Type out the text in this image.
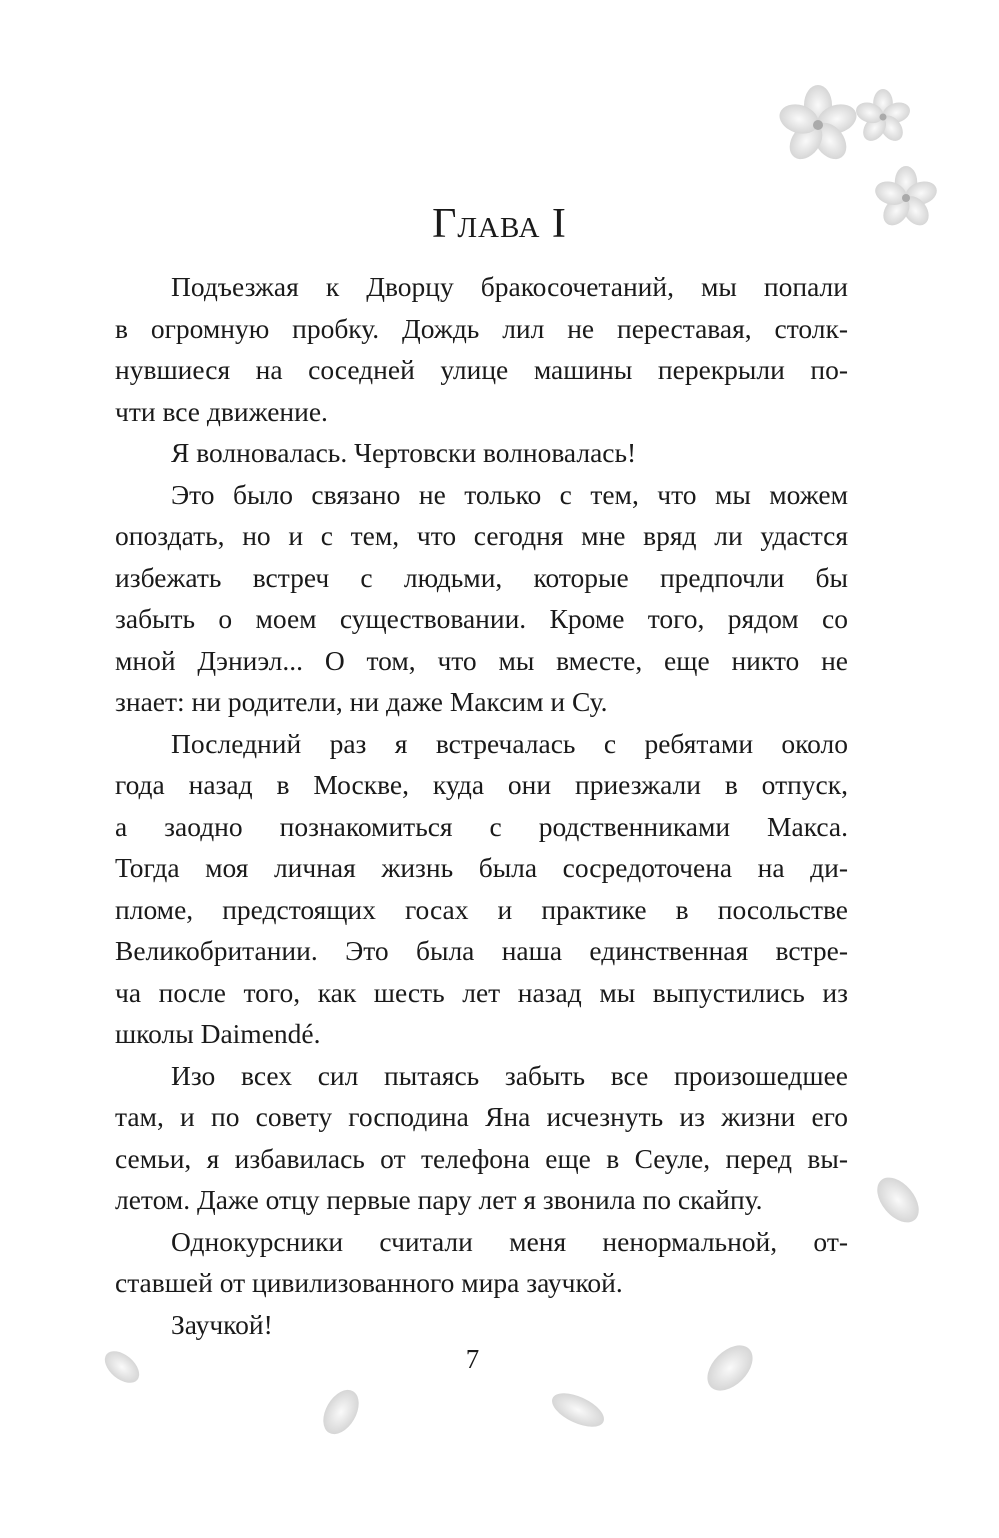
Глава I
Подъезжая к Дворцу бракосочетаний, мы попали
в огромную пробку. Дождь лил не переставая, столк-
нувшиеся на соседней улице машины перекрыли по-
чти все движение.
Я волновалась. Чертовски волновалась!
Это было связано не только с тем, что мы можем
опоздать, но и с тем, что сегодня мне вряд ли удастся
избежать встреч с людьми, которые предпочли бы
забыть о моем существовании. Кроме того, рядом со
мной Дэниэл... О том, что мы вместе, еще никто не
знает: ни родители, ни даже Максим и Су.
Последний раз я встречалась с ребятами около
года назад в Москве, куда они приезжали в отпуск,
а заодно познакомиться с родственниками Макса.
Тогда моя личная жизнь была сосредоточена на ди-
пломе, предстоящих госах и практике в посольстве
Великобритании. Это была наша единственная встре-
ча после того, как шесть лет назад мы выпустились из
школы Daimendé.
Изо всех сил пытаясь забыть все произошедшее
там, и по совету господина Яна исчезнуть из жизни его
семьи, я избавилась от телефона еще в Сеуле, перед вы-
летом. Даже отцу первые пару лет я звонила по скайпу.
Однокурсники считали меня ненормальной, от-
ставшей от цивилизованного мира заучкой.
Заучкой!
7
